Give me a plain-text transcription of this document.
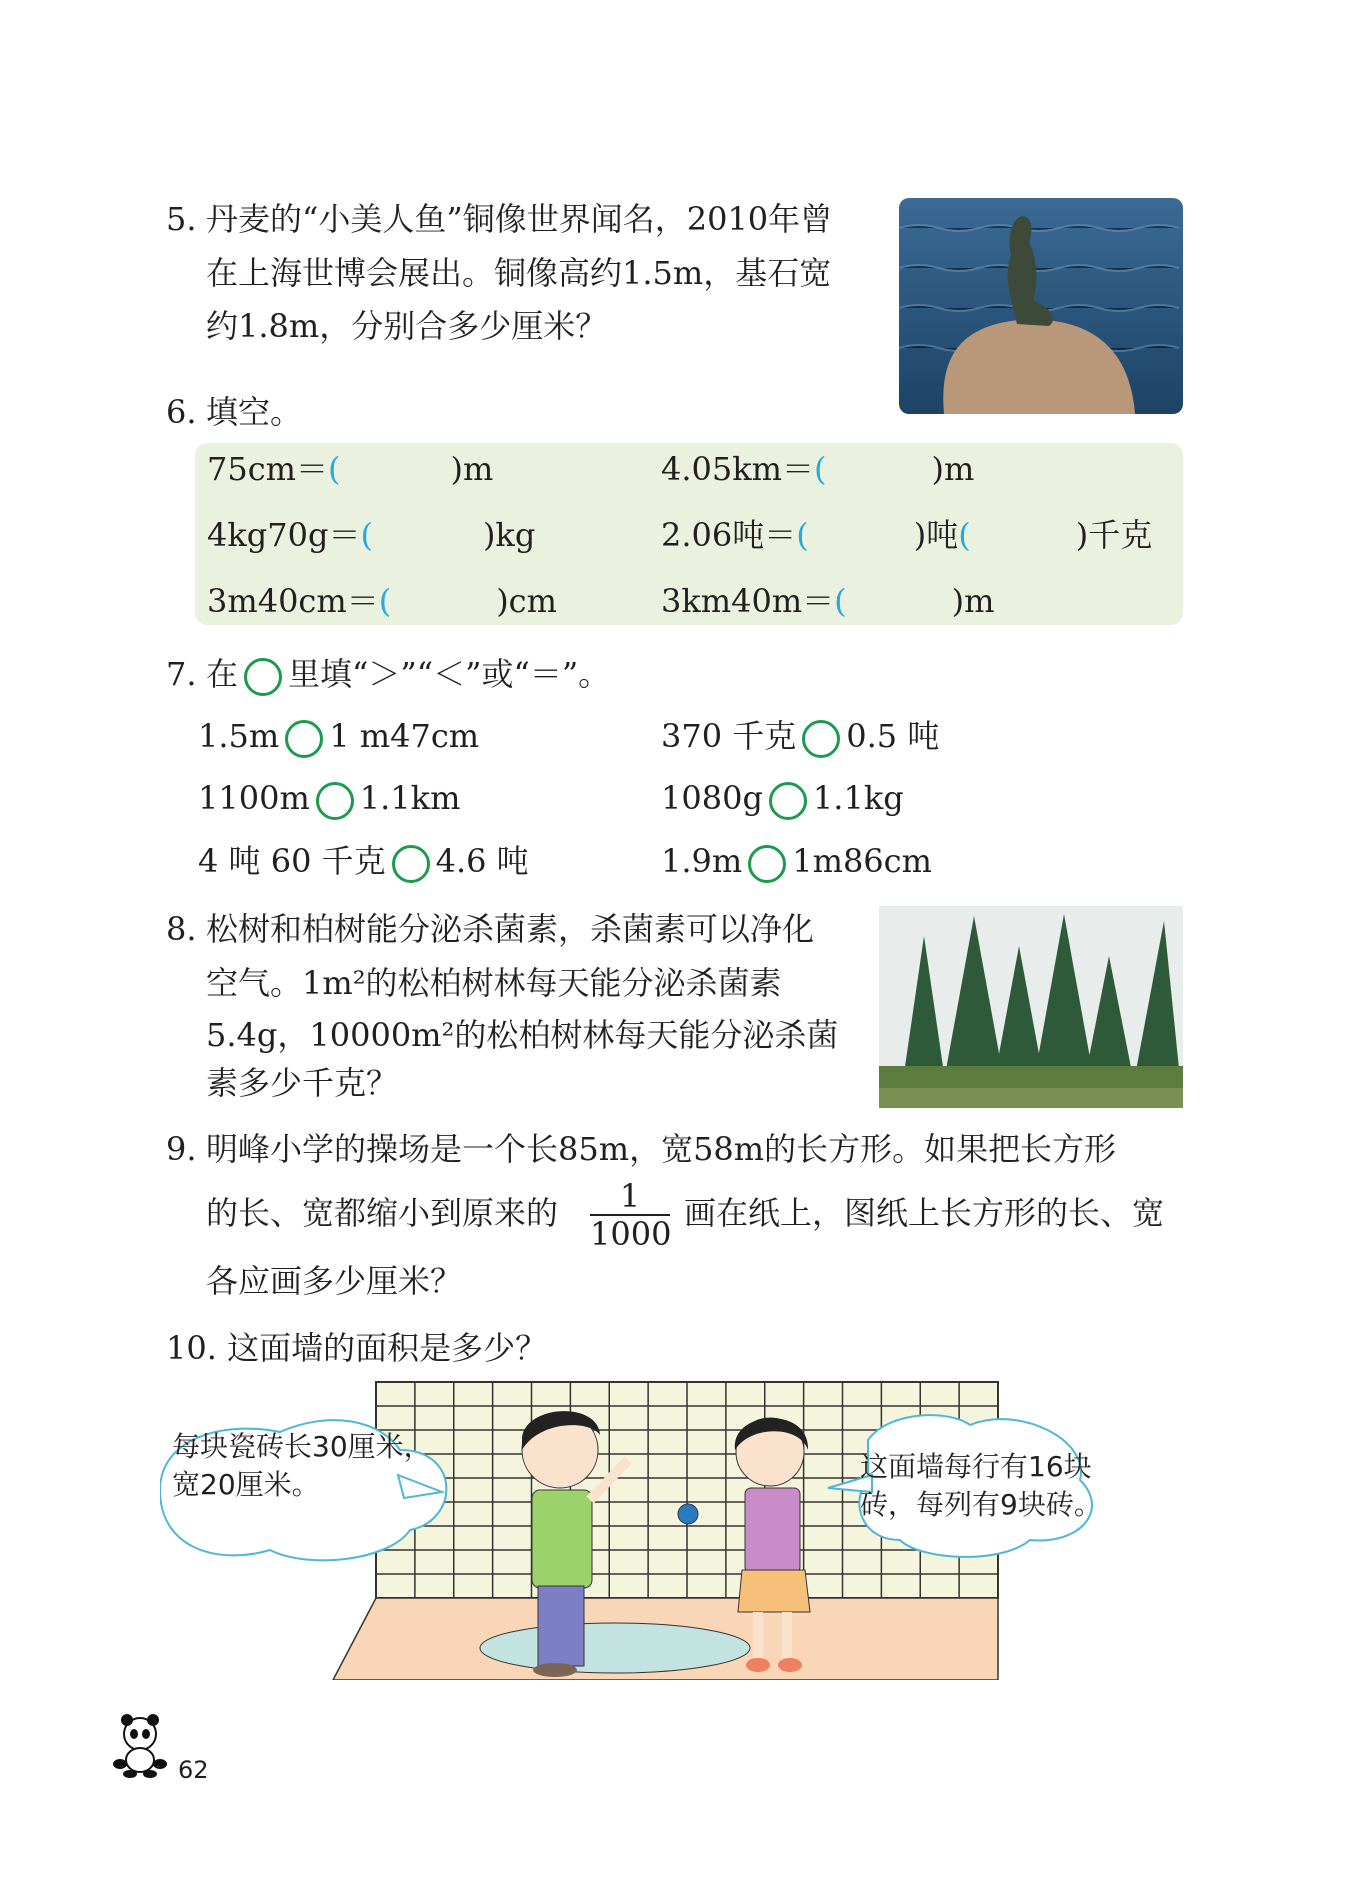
5. 丹麦的“小美人鱼”铜像世界闻名，2010年曾
在上海世博会展出。铜像高约1.5m，基石宽
约1.8m，分别合多少厘米？
6. 填空。
75cm＝(	)m	4.05km＝(	)m
4kg70g＝(	)kg	2.06吨＝(	)吨(	)千克
3m40cm＝(	)cm	3km40m＝(	)m
7. 在 里填“＞”“＜”或“＝”。
1.5m 1 m47cm	370 千克 0.5 吨
1100m 1.1km	1080g 1.1kg
4 吨 60 千克 4.6 吨	1.9m 1m86cm
8. 松树和柏树能分泌杀菌素，杀菌素可以净化
空气。1m²的松柏树林每天能分泌杀菌素
5.4g，10000m²的松柏树林每天能分泌杀菌
素多少千克？
9. 明峰小学的操场是一个长85m，宽58m的长方形。如果把长方形
的长、宽都缩小到原来的 $\frac{1}{1000}$ 画在纸上，图纸上长方形的长、宽
各应画多少厘米？
10. 这面墙的面积是多少？
每块瓷砖长30厘米，
宽20厘米。
这面墙每行有16块
砖，每列有9块砖。
62
